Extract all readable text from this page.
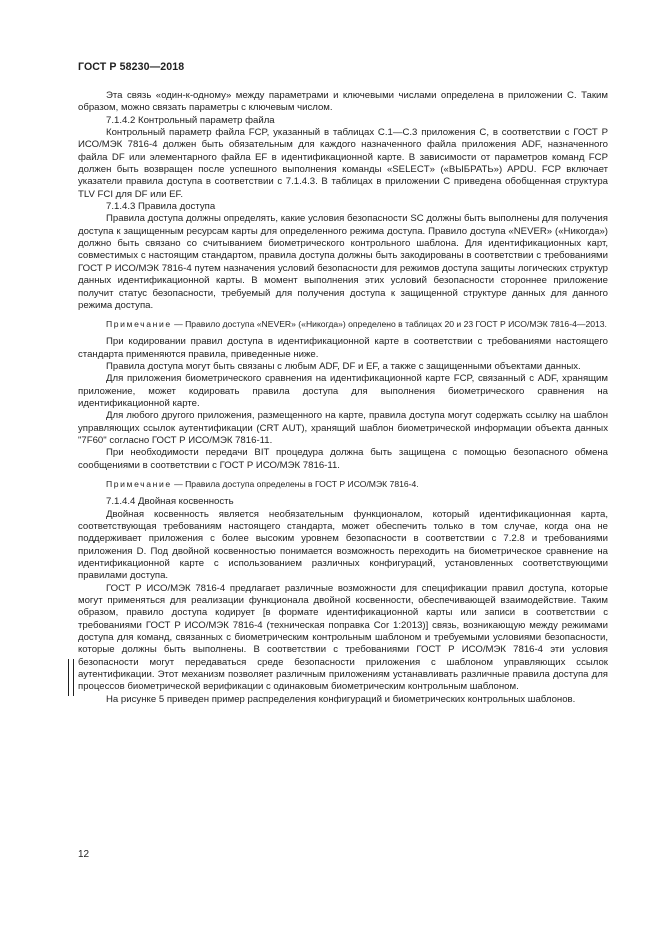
ГОСТ Р 58230—2018

Эта связь «один-к-одному» между параметрами и ключевыми числами определена в приложении С. Таким образом, можно связать параметры с ключевым числом.

7.1.4.2 Контрольный параметр файла

Контрольный параметр файла FCP, указанный в таблицах С.1—С.3 приложения С, в соответствии с ГОСТ Р ИСО/МЭК 7816-4 должен быть обязательным для каждого назначенного файла приложения ADF, назначенного файла DF или элементарного файла EF в идентификационной карте. В зависимости от параметров команд FCP должен быть возвращен после успешного выполнения команды «SELECT» («ВЫБРАТЬ») APDU. FCP включает указатели правила доступа в соответствии с 7.1.4.3. В таблицах в приложении С приведена обобщенная структура TLV FCI для DF или EF.

7.1.4.3 Правила доступа

Правила доступа должны определять, какие условия безопасности SC должны быть выполнены для получения доступа к защищенным ресурсам карты для определенного режима доступа. Правило доступа «NEVER» («Никогда») должно быть связано со считыванием биометрического контрольного шаблона. Для идентификационных карт, совместимых с настоящим стандартом, правила доступа должны быть закодированы в соответствии с требованиями ГОСТ Р ИСО/МЭК 7816-4 путем назначения условий безопасности для режимов доступа защиты логических структур данных идентификационной карты. В момент выполнения этих условий безопасности стороннее приложение получит статус безопасности, требуемый для получения доступа к защищенной структуре данных для данного режима доступа.

Примечание — Правило доступа «NEVER» («Никогда») определено в таблицах 20 и 23 ГОСТ Р ИСО/МЭК 7816-4—2013.

При кодировании правил доступа в идентификационной карте в соответствии с требованиями настоящего стандарта применяются правила, приведенные ниже.

Правила доступа могут быть связаны с любым ADF, DF и EF, а также с защищенными объектами данных.

Для приложения биометрического сравнения на идентификационной карте FCP, связанный с ADF, хранящим приложение, может кодировать правила доступа для выполнения биометрического сравнения на идентификационной карте.

Для любого другого приложения, размещенного на карте, правила доступа могут содержать ссылку на шаблон управляющих ссылок аутентификации (CRT AUT), хранящий шаблон биометрической информации объекта данных "7F60" согласно ГОСТ Р ИСО/МЭК 7816-11.

При необходимости передачи BIT процедура должна быть защищена с помощью безопасного обмена сообщениями в соответствии с ГОСТ Р ИСО/МЭК 7816-11.

Примечание — Правила доступа определены в ГОСТ Р ИСО/МЭК 7816-4.

7.1.4.4 Двойная косвенность

Двойная косвенность является необязательным функционалом, который идентификационная карта, соответствующая требованиям настоящего стандарта, может обеспечить только в том случае, когда она не поддерживает приложения с более высоким уровнем безопасности в соответствии с 7.2.8 и требованиями приложения D. Под двойной косвенностью понимается возможность переходить на биометрическое сравнение на идентификационной карте с использованием различных конфигураций, установленных соответствующими правилами доступа.

ГОСТ Р ИСО/МЭК 7816-4 предлагает различные возможности для спецификации правил доступа, которые могут применяться для реализации функционала двойной косвенности, обеспечивающей взаимодействие. Таким образом, правило доступа кодирует [в формате идентификационной карты или записи в соответствии с требованиями ГОСТ Р ИСО/МЭК 7816-4 (техническая поправка Cor 1:2013)] связь, возникающую между режимами доступа для команд, связанных с биометрическим контрольным шаблоном и требуемыми условиями безопасности, которые должны быть выполнены. В соответствии с требованиями ГОСТ Р ИСО/МЭК 7816-4 эти условия безопасности могут передаваться среде безопасности приложения с шаблоном управляющих ссылок аутентификации. Этот механизм позволяет различным приложениям устанавливать различные правила доступа для процессов биометрической верификации с одинаковым биометрическим контрольным шаблоном.

На рисунке 5 приведен пример распределения конфигураций и биометрических контрольных шаблонов.

12
